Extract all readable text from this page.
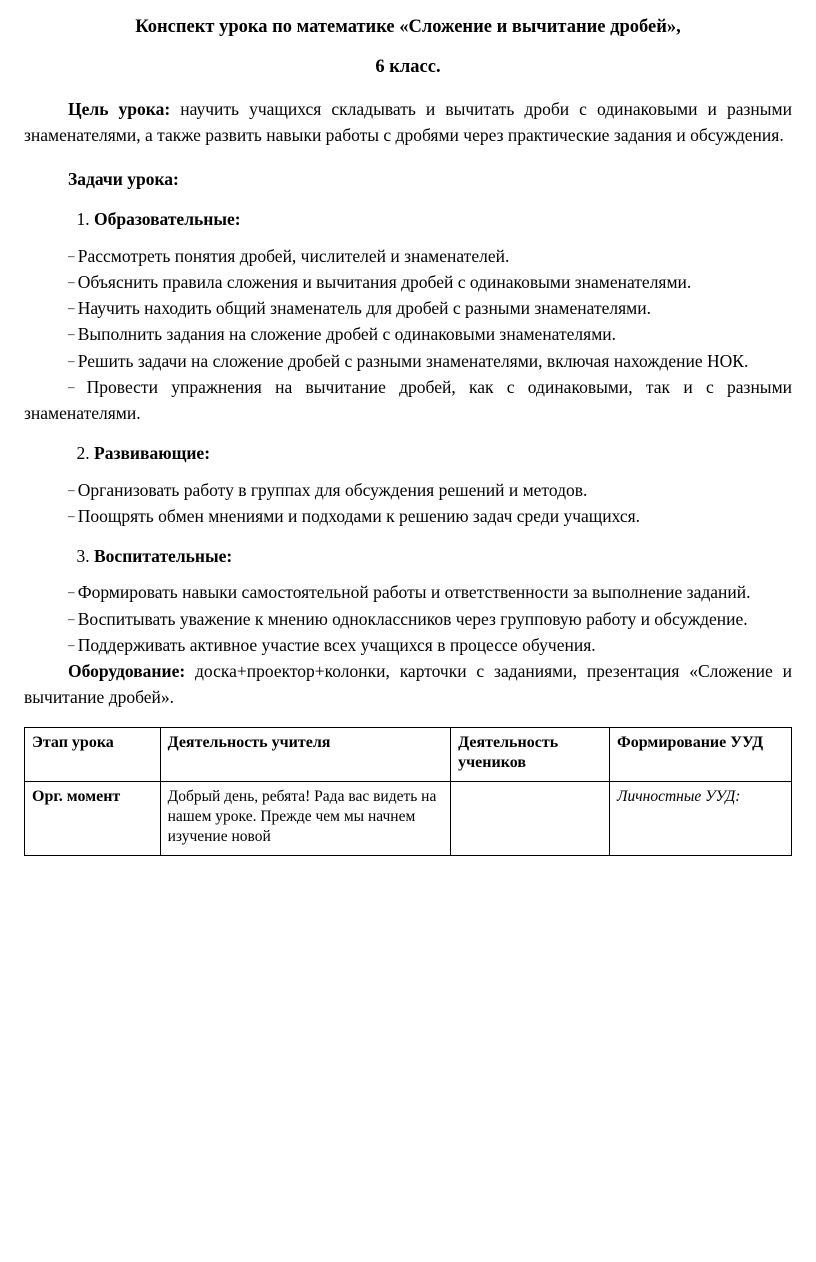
Конспект урока по математике «Сложение и вычитание дробей»,
6 класс.

Цель урока: научить учащихся складывать и вычитать дроби с одинаковыми и разными знаменателями, а также развить навыки работы с дробями через практические задания и обсуждения.

Задачи урока:
1. Образовательные:
– Рассмотреть понятия дробей, числителей и знаменателей.
– Объяснить правила сложения и вычитания дробей с одинаковыми знаменателями.
– Научить находить общий знаменатель для дробей с разными знаменателями.
– Выполнить задания на сложение дробей с одинаковыми знаменателями.
– Решить задачи на сложение дробей с разными знаменателями, включая нахождение НОК.
– Провести упражнения на вычитание дробей, как с одинаковыми, так и с разными знаменателями.
2. Развивающие:
– Организовать работу в группах для обсуждения решений и методов.
– Поощрять обмен мнениями и подходами к решению задач среди учащихся.
3. Воспитательные:
– Формировать навыки самостоятельной работы и ответственности за выполнение заданий.
– Воспитывать уважение к мнению одноклассников через групповую работу и обсуждение.
– Поддерживать активное участие всех учащихся в процессе обучения.

Оборудование: доска+проектор+колонки, карточки с заданиями, презентация «Сложение и вычитание дробей».

Этап урока	Деятельность учителя	Деятельность учеников	Формирование УУД
Орг. момент	Добрый день, ребята! Рада вас видеть на нашем уроке. Прежде чем мы начнем изучение новой		Личностные УУД:
